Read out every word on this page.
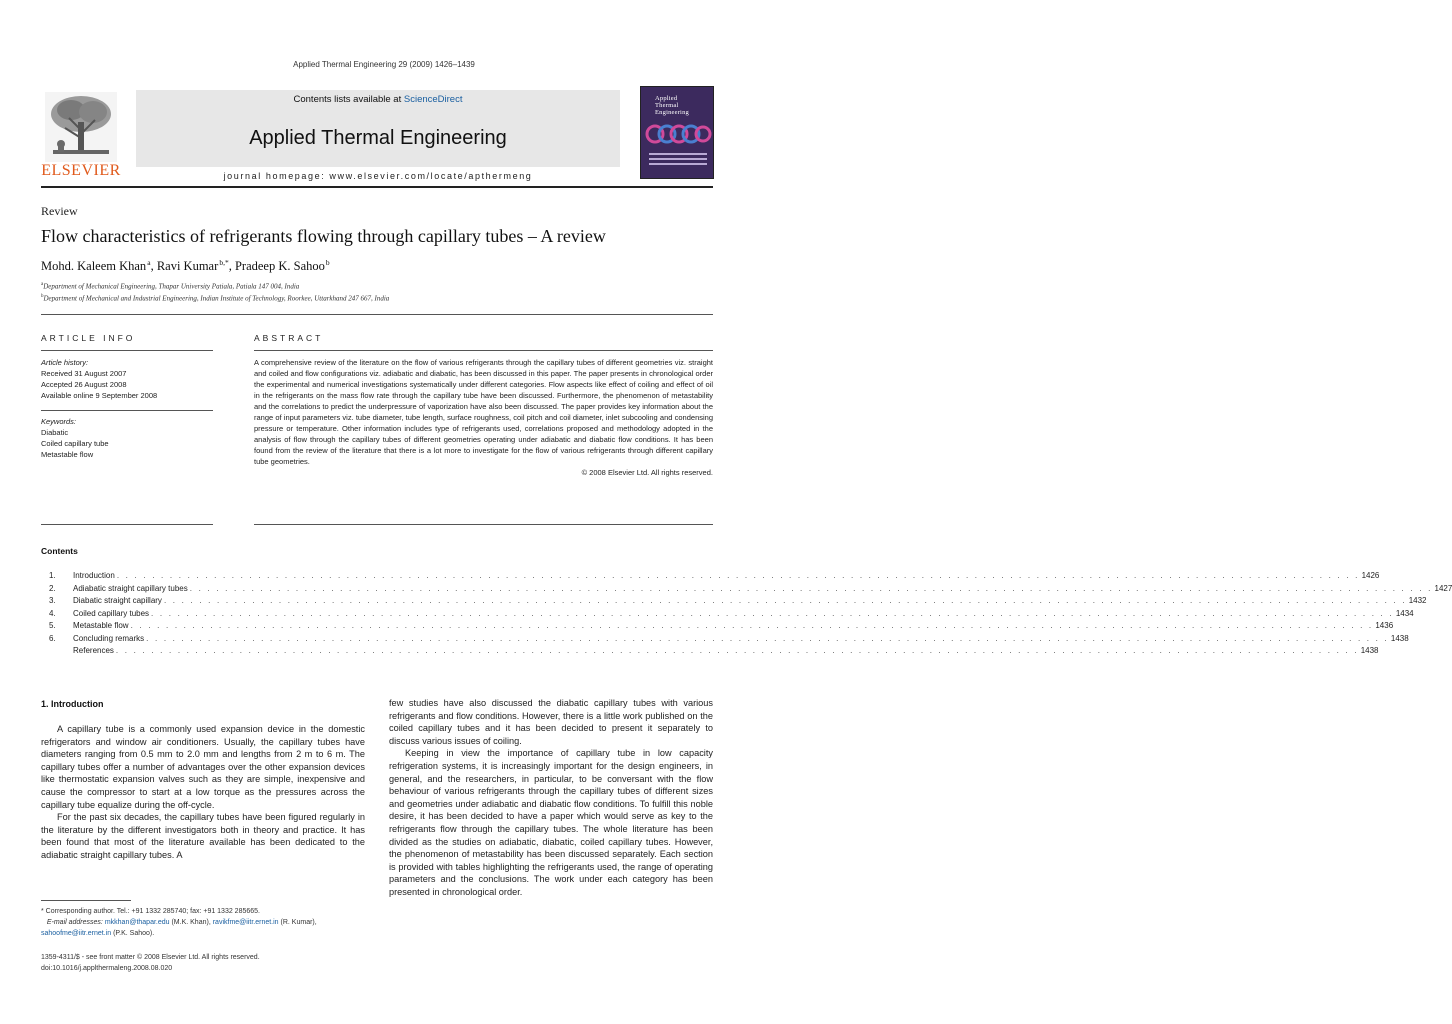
Applied Thermal Engineering 29 (2009) 1426–1439
ELSEVIER
Contents lists available at ScienceDirect
Applied Thermal Engineering
journal homepage: www.elsevier.com/locate/apthermeng
Applied
Thermal
Engineering
Review
Flow characteristics of refrigerants flowing through capillary tubes – A review
Mohd. Kaleem Khan $^a$, Ravi Kumar $^{b,*}$, Pradeep K. Sahoo $^b$
$^a$Department of Mechanical Engineering, Thapar University Patiala, Patiala 147 004, India
$^b$Department of Mechanical and Industrial Engineering, Indian Institute of Technology, Roorkee, Uttarkhand 247 667, India
ARTICLE INFO
Article history:
Received 31 August 2007
Accepted 26 August 2008
Available online 9 September 2008
Keywords:
Diabatic
Coiled capillary tube
Metastable flow
ABSTRACT
A comprehensive review of the literature on the flow of various refrigerants through the capillary tubes of different geometries viz. straight and coiled and flow configurations viz. adiabatic and diabatic, has been discussed in this paper. The paper presents in chronological order the experimental and numerical investigations systematically under different categories. Flow aspects like effect of coiling and effect of oil in the refrigerants on the mass flow rate through the capillary tube have been discussed. Furthermore, the phenomenon of metastability and the correlations to predict the underpressure of vaporization have also been discussed. The paper provides key information about the range of input parameters viz. tube diameter, tube length, surface roughness, coil pitch and coil diameter, inlet subcooling and condensing pressure or temperature. Other information includes type of refrigerants used, correlations proposed and methodology adopted in the analysis of flow through the capillary tubes of different geometries operating under adiabatic and diabatic flow conditions. It has been found from the review of the literature that there is a lot more to investigate for the flow of various refrigerants through different capillary tube geometries.
© 2008 Elsevier Ltd. All rights reserved.
Contents
1.	Introduction . . . . . . . . . . . . . . . . . . . . . . . . . . . . . . . . . . . . . . . . . . . . . . . . . . . . . . . . . . . . . . . . . . . . . . . . . . . . . . . . . . . . . . . . . . . . . . . . . . . . . . . . . . . . . . . . . . . . . . . . . . . . . . . . . . . . . . . . . . . . . 1426
2.	Adiabatic straight capillary tubes . . . . . . . . . . . . . . . . . . . . . . . . . . . . . . . . . . . . . . . . . . . . . . . . . . . . . . . . . . . . . . . . . . . . . . . . . . . . . . . . . . . . . . . . . . . . . . . . . . . . . . . . . . . . . . . . . . . . . . . . . . . . . . . . . . . . . . . . . . . . . 1427
3.	Diabatic straight capillary . . . . . . . . . . . . . . . . . . . . . . . . . . . . . . . . . . . . . . . . . . . . . . . . . . . . . . . . . . . . . . . . . . . . . . . . . . . . . . . . . . . . . . . . . . . . . . . . . . . . . . . . . . . . . . . . . . . . . . . . . . . . . . . . . . . . . . . . . . . . . 1432
4.	Coiled capillary tubes . . . . . . . . . . . . . . . . . . . . . . . . . . . . . . . . . . . . . . . . . . . . . . . . . . . . . . . . . . . . . . . . . . . . . . . . . . . . . . . . . . . . . . . . . . . . . . . . . . . . . . . . . . . . . . . . . . . . . . . . . . . . . . . . . . . . . . . . . . . . . 1434
5.	Metastable flow . . . . . . . . . . . . . . . . . . . . . . . . . . . . . . . . . . . . . . . . . . . . . . . . . . . . . . . . . . . . . . . . . . . . . . . . . . . . . . . . . . . . . . . . . . . . . . . . . . . . . . . . . . . . . . . . . . . . . . . . . . . . . . . . . . . . . . . . . . . . . 1436
6.	Concluding remarks . . . . . . . . . . . . . . . . . . . . . . . . . . . . . . . . . . . . . . . . . . . . . . . . . . . . . . . . . . . . . . . . . . . . . . . . . . . . . . . . . . . . . . . . . . . . . . . . . . . . . . . . . . . . . . . . . . . . . . . . . . . . . . . . . . . . . . . . . . . . . 1438
References . . . . . . . . . . . . . . . . . . . . . . . . . . . . . . . . . . . . . . . . . . . . . . . . . . . . . . . . . . . . . . . . . . . . . . . . . . . . . . . . . . . . . . . . . . . . . . . . . . . . . . . . . . . . . . . . . . . . . . . . . . . . . . . . . . . . . . . . . . . . . 1438
1. Introduction

A capillary tube is a commonly used expansion device in the domestic refrigerators and window air conditioners. Usually, the capillary tubes have diameters ranging from 0.5 mm to 2.0 mm and lengths from 2 m to 6 m. The capillary tubes offer a number of advantages over the other expansion devices like thermostatic expansion valves such as they are simple, inexpensive and cause the compressor to start at a low torque as the pressures across the capillary tube equalize during the off-cycle.

For the past six decades, the capillary tubes have been figured regularly in the literature by the different investigators both in theory and practice. It has been found that most of the literature available has been dedicated to the adiabatic straight capillary tubes. A

few studies have also discussed the diabatic capillary tubes with various refrigerants and flow conditions. However, there is a little work published on the coiled capillary tubes and it has been decided to present it separately to discuss various issues of coiling.

Keeping in view the importance of capillary tube in low capacity refrigeration systems, it is increasingly important for the design engineers, in general, and the researchers, in particular, to be conversant with the flow behaviour of various refrigerants through the capillary tubes of different sizes and geometries under adiabatic and diabatic flow conditions. To fulfill this noble desire, it has been decided to have a paper which would serve as key to the refrigerants flow through the capillary tubes. The whole literature has been divided as the studies on adiabatic, diabatic, coiled capillary tubes. However, the phenomenon of metastability has been discussed separately. Each section is provided with tables highlighting the refrigerants used, the range of operating parameters and the conclusions. The work under each category has been presented in chronological order.

* Corresponding author. Tel.: +91 1332 285740; fax: +91 1332 285665.
E-mail addresses: mkkhan@thapar.edu (M.K. Khan), ravikfme@iitr.ernet.in (R. Kumar), sahoofme@iitr.ernet.in (P.K. Sahoo).
1359-4311/$ - see front matter © 2008 Elsevier Ltd. All rights reserved.
doi:10.1016/j.applthermaleng.2008.08.020
